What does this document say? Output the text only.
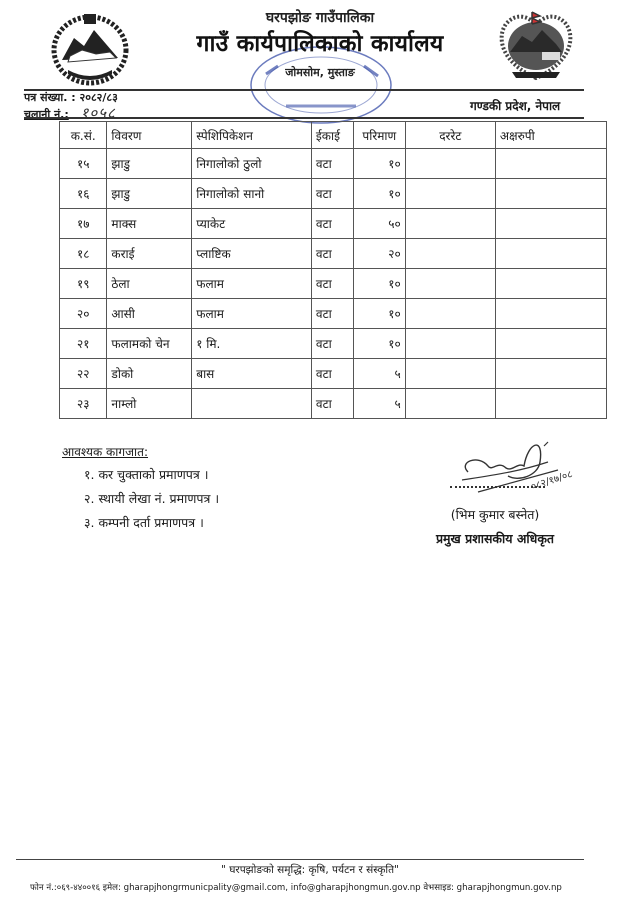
घरपझोङ गाउँपालिका
गाउँ कार्यपालिकाको कार्यालय
जोमसोम, मुस्ताङ
पत्र संख्या. : २०८२/८३
चलानी नं.: १०५८	गण्डकी प्रदेश, नेपाल
क.सं.	विवरण	स्पेशिपिकेशन	ईकाई	परिमाण	दररेट	अक्षरुपी
१५	झाडु	निगालोको ठुलो	वटा	१०		
१६	झाडु	निगालोको सानो	वटा	१०		
१७	माक्स	प्याकेट	वटा	५०		
१८	कराई	प्लाष्टिक	वटा	२०		
१९	ठेला	फलाम	वटा	१०		
२०	आसी	फलाम	वटा	१०		
२१	फलामको चेन	१ मि.	वटा	१०		
२२	डोको	बास	वटा	५		
२३	नाम्लो		वटा	५		
आवश्यक कागजात:
१. कर चुक्ताको प्रमाणपत्र ।
२. स्थायी लेखा नं. प्रमाणपत्र ।
३. कम्पनी दर्ता प्रमाणपत्र ।
०८२/१७/०८
(भिम कुमार बस्नेत)
प्रमुख प्रशासकीय अधिकृत
" घरपझोङको समृद्धि: कृषि, पर्यटन र संस्कृति"
फोन नं.:०६९-४४००१६ इमेल: gharapjhongrmunicpality@gmail.com, info@gharapjhongmun.gov.np वेभसाइड: gharapjhongmun.gov.np
